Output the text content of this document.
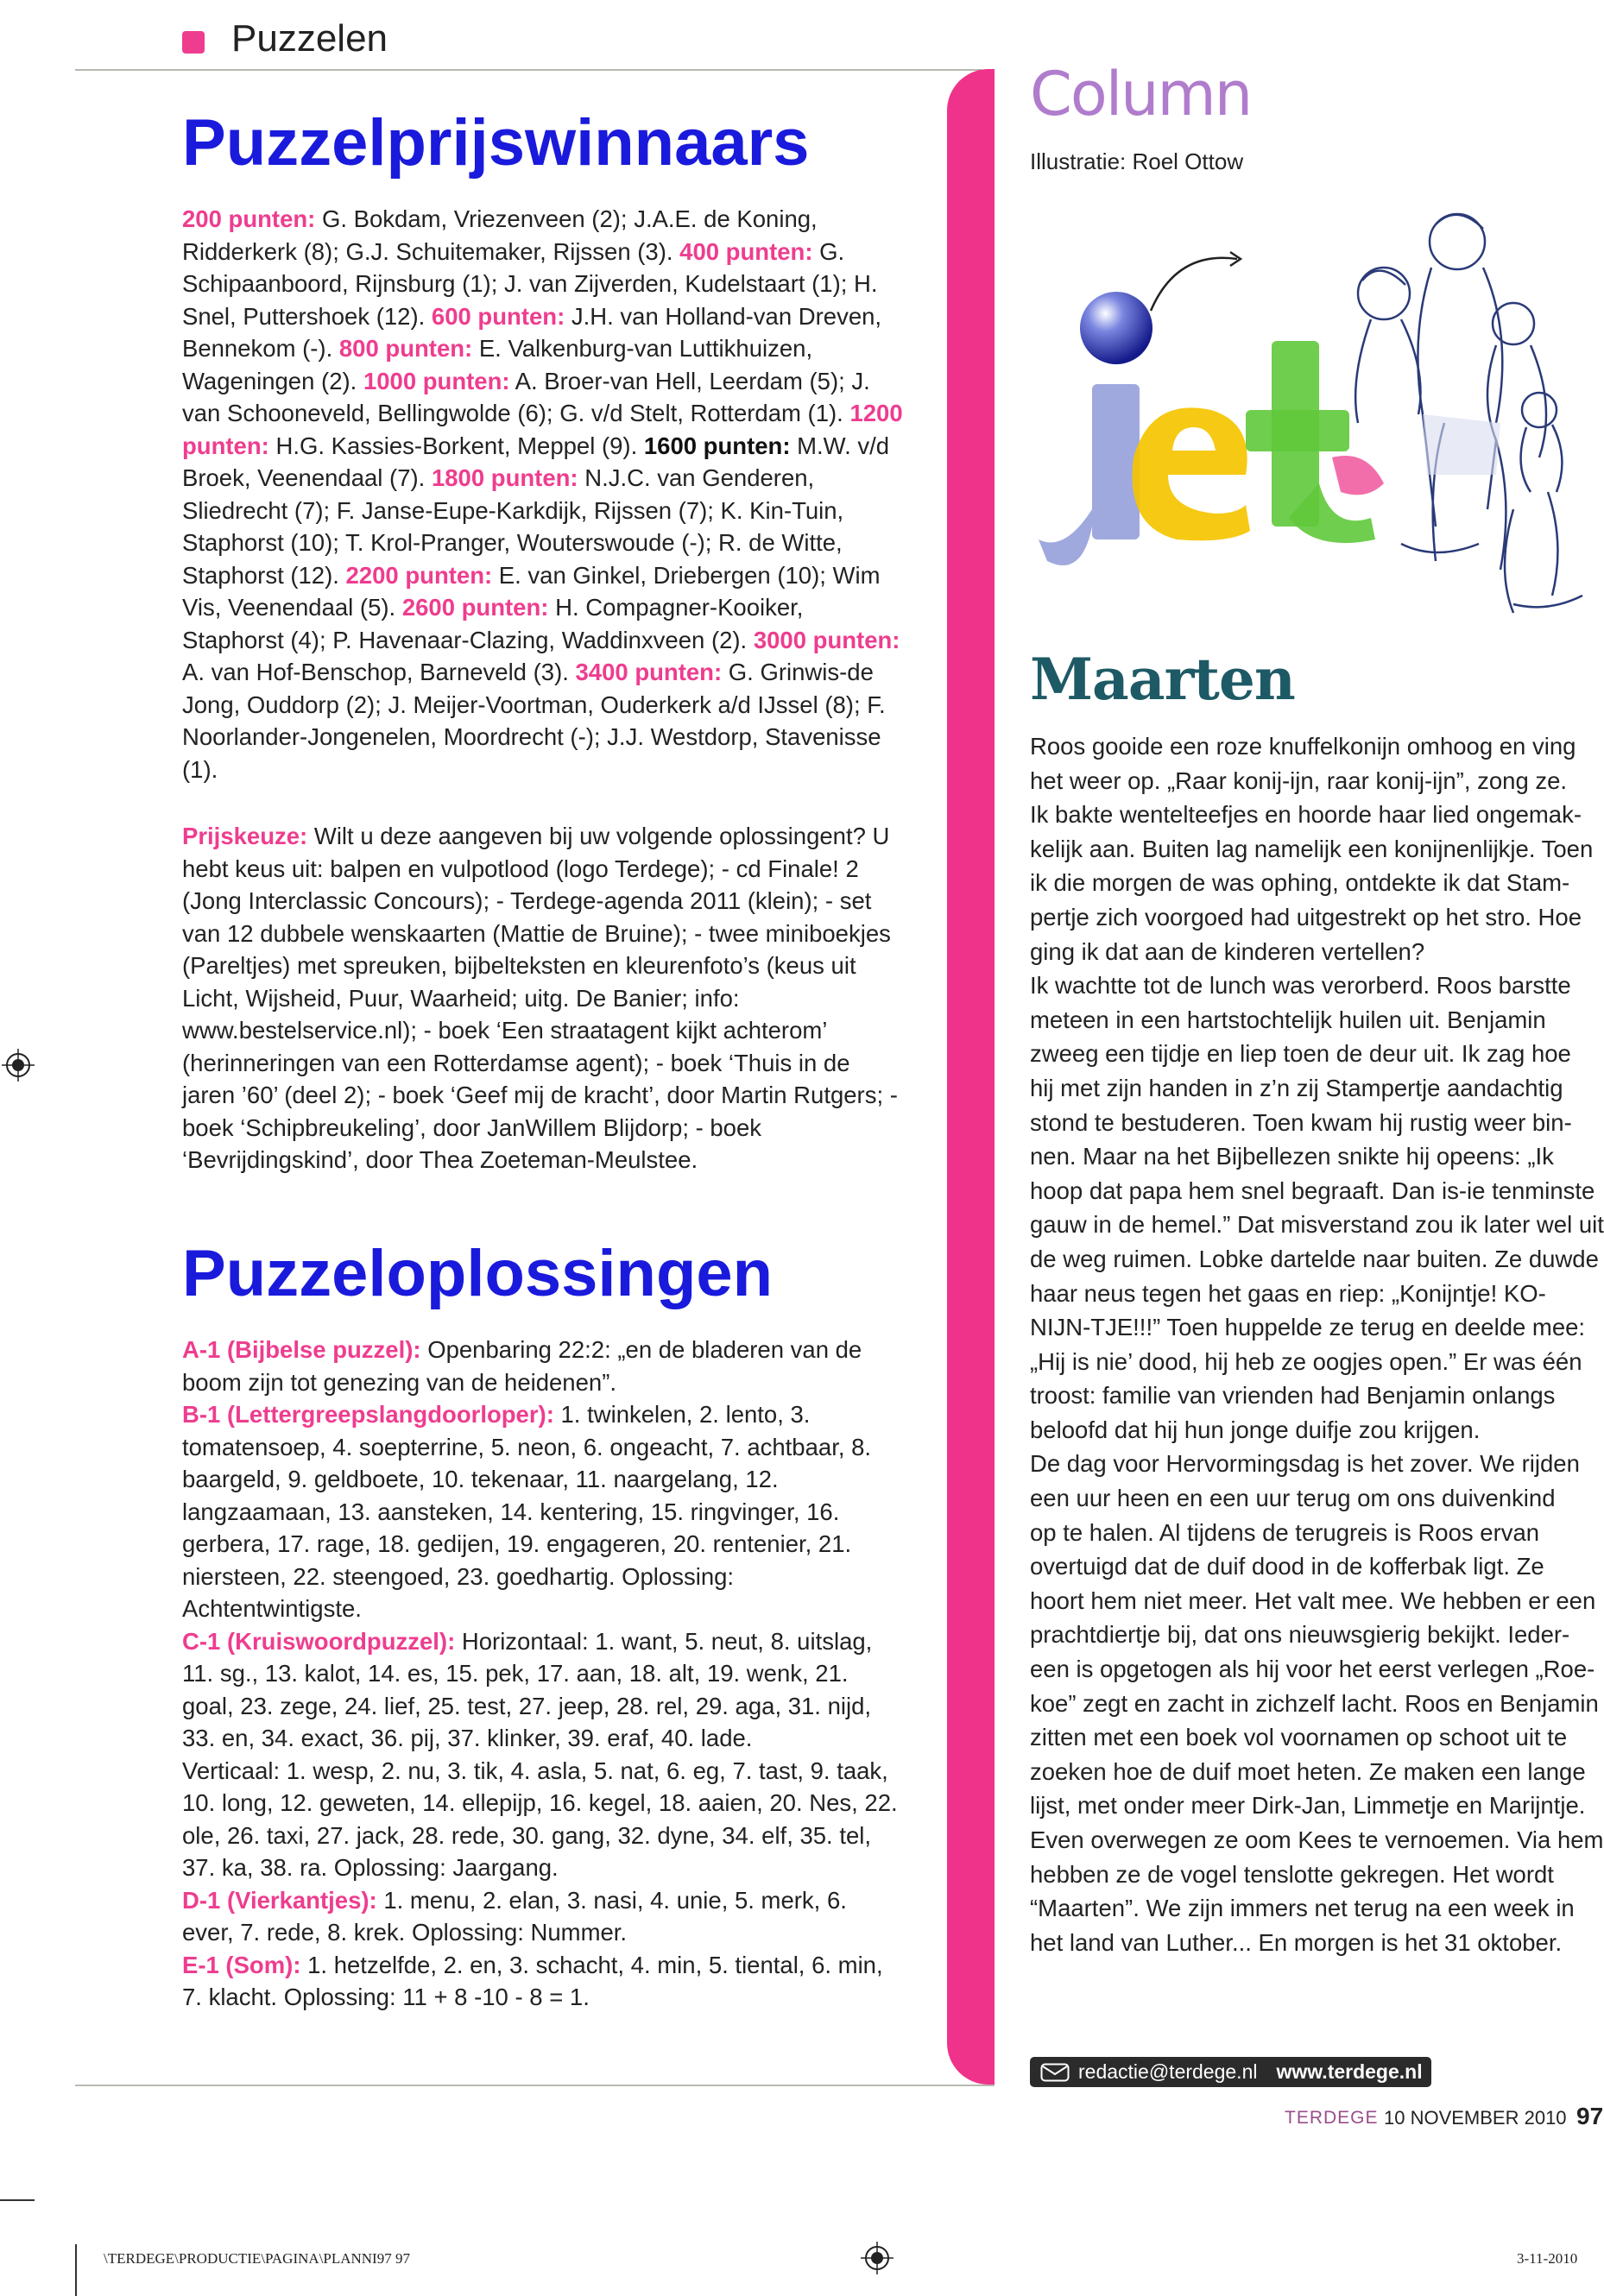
Puzzelen
Puzzelprijswinnaars

200 punten: G. Bokdam, Vriezenveen (2); J.A.E. de Koning, Ridderkerk (8); G.J. Schuitemaker, Rijssen (3). 400 punten: G. Schipaanboord, Rijnsburg (1); J. van Zijverden, Kudelstaart (1); H. Snel, Puttershoek (12). 600 punten: J.H. van Holland-van Dreven, Bennekom (-). 800 punten: E. Valkenburg-van Luttikhuizen, Wageningen (2). 1000 punten: A. Broer-van Hell, Leerdam (5); J. van Schooneveld, Bellingwolde (6); G. v/d Stelt, Rotterdam (1). 1200 punten: H.G. Kassies-Borkent, Meppel (9). 1600 punten: M.W. v/d Broek, Veenendaal (7). 1800 punten: N.J.C. van Genderen, Sliedrecht (7); F. Janse-Eupe-Karkdijk, Rijssen (7); K. Kin-Tuin, Staphorst (10); T. Krol-Pranger, Wouterswoude (-); R. de Witte, Staphorst (12). 2200 punten: E. van Ginkel, Driebergen (10); Wim Vis, Veenendaal (5). 2600 punten: H. Compagner-Kooiker, Staphorst (4); P. Havenaar-Clazing, Waddinxveen (2). 3000 punten: A. van Hof-Benschop, Barneveld (3). 3400 punten: G. Grinwis-de Jong, Ouddorp (2); J. Meijer-Voortman, Ouderkerk a/d IJssel (8); F. Noorlander-Jongenelen, Moordrecht (-); J.J. Westdorp, Stavenisse (1).

Prijskeuze: Wilt u deze aangeven bij uw volgende oplossingent? U hebt keus uit: balpen en vulpotlood (logo Terdege); - cd Finale! 2 (Jong Interclassic Concours); - Terdege-agenda 2011 (klein); - set van 12 dubbele wenskaarten (Mattie de Bruine); - twee miniboekjes (Pareltjes) met spreuken, bijbelteksten en kleurenfoto’s (keus uit Licht, Wijsheid, Puur, Waarheid; uitg. De Banier; info: www.bestelservice.nl); - boek ‘Een straatagent kijkt achterom’ (herinneringen van een Rotterdamse agent); - boek ‘Thuis in de jaren ’60’ (deel 2); - boek ‘Geef mij de kracht’, door Martin Rutgers; - boek ‘Schipbreukeling’, door JanWillem Blijdorp; - boek ‘Bevrijdingskind’, door Thea Zoeteman-Meulstee.

Puzzeloplossingen

A-1 (Bijbelse puzzel): Openbaring 22:2: „en de bladeren van de boom zijn tot genezing van de heidenen”.

B-1 (Lettergreepslangdoorloper): 1. twinkelen, 2. lento, 3. tomatensoep, 4. soepterrine, 5. neon, 6. ongeacht, 7. achtbaar, 8. baargeld, 9. geldboete, 10. tekenaar, 11. naargelang, 12. langzaamaan, 13. aansteken, 14. kentering, 15. ringvinger, 16. gerbera, 17. rage, 18. gedijen, 19. engageren, 20. rentenier, 21. niersteen, 22. steengoed, 23. goedhartig. Oplossing: Achtentwintigste.

C-1 (Kruiswoordpuzzel): Horizontaal: 1. want, 5. neut, 8. uitslag, 11. sg., 13. kalot, 14. es, 15. pek, 17. aan, 18. alt, 19. wenk, 21. goal, 23. zege, 24. lief, 25. test, 27. jeep, 28. rel, 29. aga, 31. nijd, 33. en, 34. exact, 36. pij, 37. klinker, 39. eraf, 40. lade.

Verticaal: 1. wesp, 2. nu, 3. tik, 4. asla, 5. nat, 6. eg, 7. tast, 9. taak, 10. long, 12. geweten, 14. ellepijp, 16. kegel, 18. aaien, 20. Nes, 22. ole, 26. taxi, 27. jack, 28. rede, 30. gang, 32. dyne, 34. elf, 35. tel, 37. ka, 38. ra. Oplossing: Jaargang.

D-1 (Vierkantjes): 1. menu, 2. elan, 3. nasi, 4. unie, 5. merk, 6. ever, 7. rede, 8. krek. Oplossing: Nummer.

E-1 (Som): 1. hetzelfde, 2. en, 3. schacht, 4. min, 5. tiental, 6. min, 7. klacht. Oplossing: 11 + 8 -10 - 8 = 1.

Column
Illustratie: Roel Ottow
Maarten
Roos gooide een roze knuffelkonijn omhoog en ving
het weer op. „Raar konij-ijn, raar konij-ijn”, zong ze.
Ik bakte wentelteefjes en hoorde haar lied ongemak-
kelijk aan. Buiten lag namelijk een konijnenlijkje. Toen
ik die morgen de was ophing, ontdekte ik dat Stam-
pertje zich voorgoed had uitgestrekt op het stro. Hoe
ging ik dat aan de kinderen vertellen?
Ik wachtte tot de lunch was verorberd. Roos barstte
meteen in een hartstochtelijk huilen uit. Benjamin
zweeg een tijdje en liep toen de deur uit. Ik zag hoe
hij met zijn handen in z’n zij Stampertje aandachtig
stond te bestuderen. Toen kwam hij rustig weer bin-
nen. Maar na het Bijbellezen snikte hij opeens: „Ik
hoop dat papa hem snel begraaft. Dan is-ie tenminste
gauw in de hemel.” Dat misverstand zou ik later wel uit
de weg ruimen. Lobke dartelde naar buiten. Ze duwde
haar neus tegen het gaas en riep: „Konijntje! KO-
NIJN-TJE!!!” Toen huppelde ze terug en deelde mee:
„Hij is nie’ dood, hij heb ze oogjes open.” Er was één
troost: familie van vrienden had Benjamin onlangs
beloofd dat hij hun jonge duifje zou krijgen.
De dag voor Hervormingsdag is het zover. We rijden
een uur heen en een uur terug om ons duivenkind
op te halen. Al tijdens de terugreis is Roos ervan
overtuigd dat de duif dood in de kofferbak ligt. Ze
hoort hem niet meer. Het valt mee. We hebben er een
prachtdiertje bij, dat ons nieuwsgierig bekijkt. Ieder-
een is opgetogen als hij voor het eerst verlegen „Roe-
koe” zegt en zacht in zichzelf lacht. Roos en Benjamin
zitten met een boek vol voornamen op schoot uit te
zoeken hoe de duif moet heten. Ze maken een lange
lijst, met onder meer Dirk-Jan, Limmetje en Marijntje.
Even overwegen ze oom Kees te vernoemen. Via hem
hebben ze de vogel tenslotte gekregen. Het wordt
“Maarten”. We zijn immers net terug na een week in
het land van Luther... En morgen is het 31 oktober.
redactie@terdege.nl www.terdege.nl
TERDEGE 10 NOVEMBER 2010 97
\TERDEGE\PRODUCTIE\PAGINA\PLANNI97 97	3-11-2010
